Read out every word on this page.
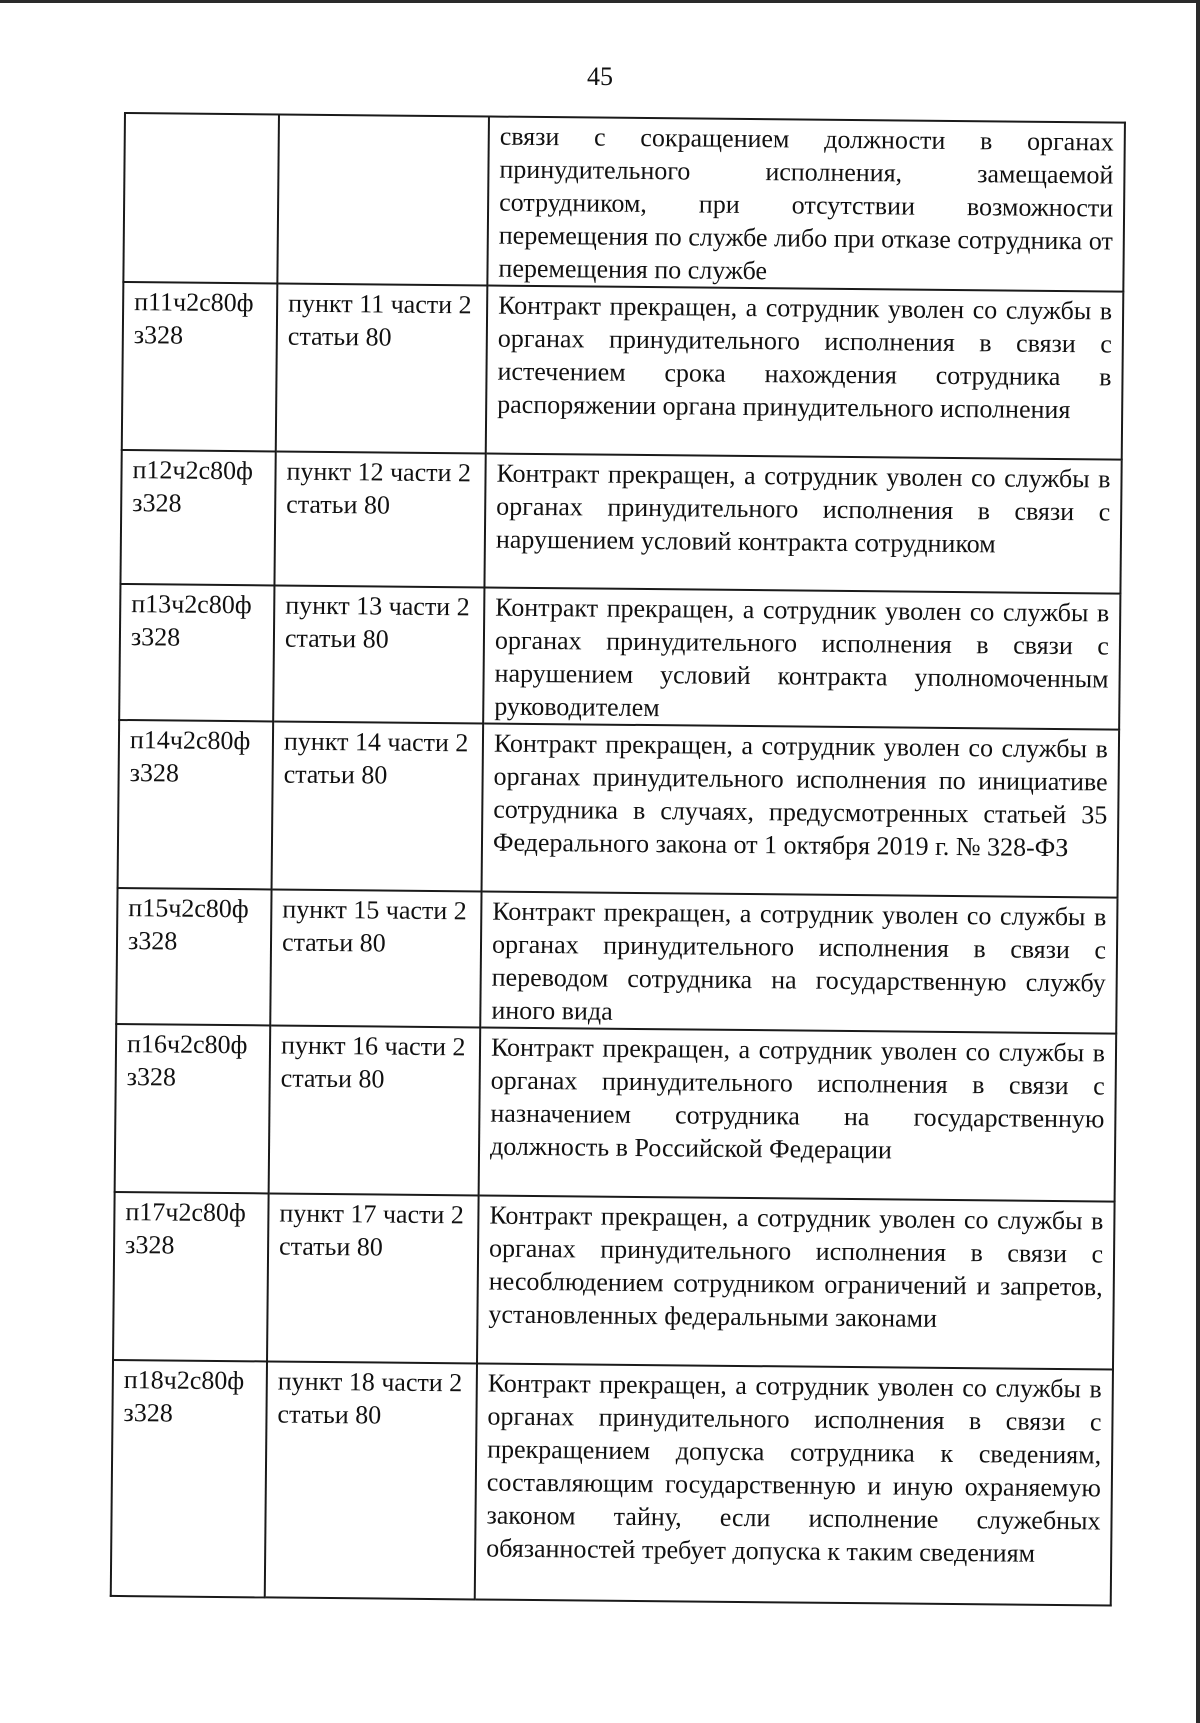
45
		связи с сокращением должности в органах принудительного исполнения, замещаемой сотрудником, при отсутствии возможности перемещения по службе либо при отказе сотрудника от перемещения по службе
п11ч2с80ф з328	пункт 11 части 2 статьи 80	Контракт прекращен, а сотрудник уволен со службы в органах принудительного исполнения в связи с истечением срока нахождения сотрудника в распоряжении органа принудительного исполнения
п12ч2с80ф з328	пункт 12 части 2 статьи 80	Контракт прекращен, а сотрудник уволен со службы в органах принудительного исполнения в связи с нарушением условий контракта сотрудником
п13ч2с80ф з328	пункт 13 части 2 статьи 80	Контракт прекращен, а сотрудник уволен со службы в органах принудительного исполнения в связи с нарушением условий контракта уполномоченным руководителем
п14ч2с80ф з328	пункт 14 части 2 статьи 80	Контракт прекращен, а сотрудник уволен со службы в органах принудительного исполнения по инициативе сотрудника в случаях, предусмотренных статьей 35 Федерального закона от 1 октября 2019 г. № 328-ФЗ
п15ч2с80ф з328	пункт 15 части 2 статьи 80	Контракт прекращен, а сотрудник уволен со службы в органах принудительного исполнения в связи с переводом сотрудника на государственную службу иного вида
п16ч2с80ф з328	пункт 16 части 2 статьи 80	Контракт прекращен, а сотрудник уволен со службы в органах принудительного исполнения в связи с назначением сотрудника на государственную должность в Российской Федерации
п17ч2с80ф з328	пункт 17 части 2 статьи 80	Контракт прекращен, а сотрудник уволен со службы в органах принудительного исполнения в связи с несоблюдением сотрудником ограничений и запретов, установленных федеральными законами
п18ч2с80ф з328	пункт 18 части 2 статьи 80	Контракт прекращен, а сотрудник уволен со службы в органах принудительного исполнения в связи с прекращением допуска сотрудника к сведениям, составляющим государственную и иную охраняемую законом тайну, если исполнение служебных обязанностей требует допуска к таким сведениям
